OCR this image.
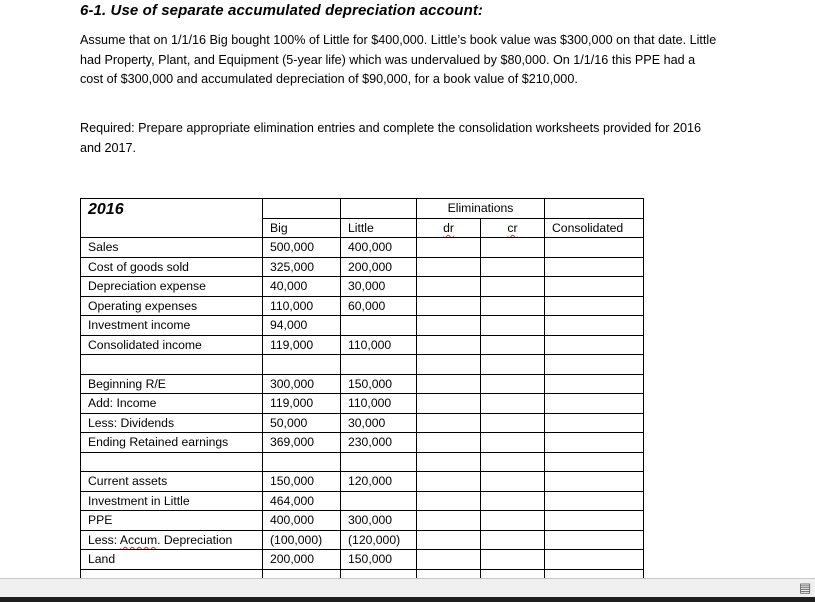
6-1. Use of separate accumulated depreciation account:
Assume that on 1/1/16 Big bought 100% of Little for $400,000. Little’s book value was $300,000 on that date. Little had Property, Plant, and Equipment (5-year life) which was undervalued by $80,000. On 1/1/16 this PPE had a cost of $300,000 and accumulated depreciation of $90,000, for a book value of $210,000.
Required: Prepare appropriate elimination entries and complete the consolidation worksheets provided for 2016 and 2017.
2016			Eliminations		
	Big	Little	dr	cr	Consolidated
Sales	500,000	400,000			
Cost of goods sold	325,000	200,000			
Depreciation expense	40,000	30,000			
Operating expenses	110,000	60,000			
Investment income	94,000				
Consolidated income	119,000	110,000			

Beginning R/E	300,000	150,000			
Add: Income	119,000	110,000			
Less: Dividends	50,000	30,000			
Ending Retained earnings	369,000	230,000			

Current assets	150,000	120,000			
Investment in Little	464,000				
PPE	400,000	300,000			
Less: Accum. Depreciation	(100,000)	(120,000)			
Land	200,000	150,000			

▤
